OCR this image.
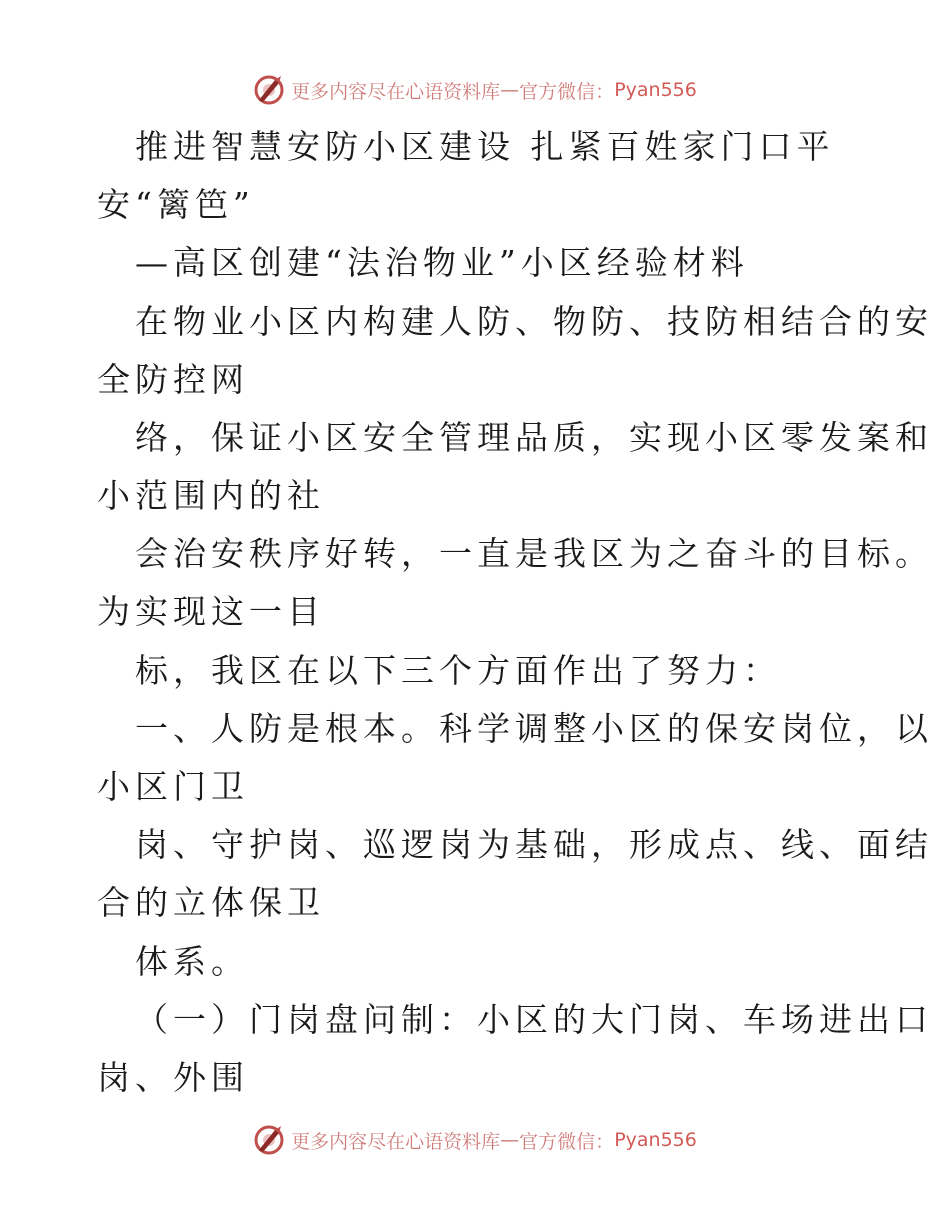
更多内容尽在心语资料库 — 官方微信： Pyan556
推进智慧安防小区建设 扎紧百姓家门口平
安“篱笆”
—高区创建“法治物业”小区经验材料
在物业小区内构建人防、物防、技防相结合的安
全防控网
络，保证小区安全管理品质，实现小区零发案和
小范围内的社
会治安秩序好转，一直是我区为之奋斗的目标。
为实现这一目
标，我区在以下三个方面作出了努力：
一、人防是根本。科学调整小区的保安岗位，以
小区门卫
岗、守护岗、巡逻岗为基础，形成点、线、面结
合的立体保卫
体系。
（一）门岗盘问制：小区的大门岗、车场进出口
岗、外围
更多内容尽在心语资料库 — 官方微信： Pyan556
